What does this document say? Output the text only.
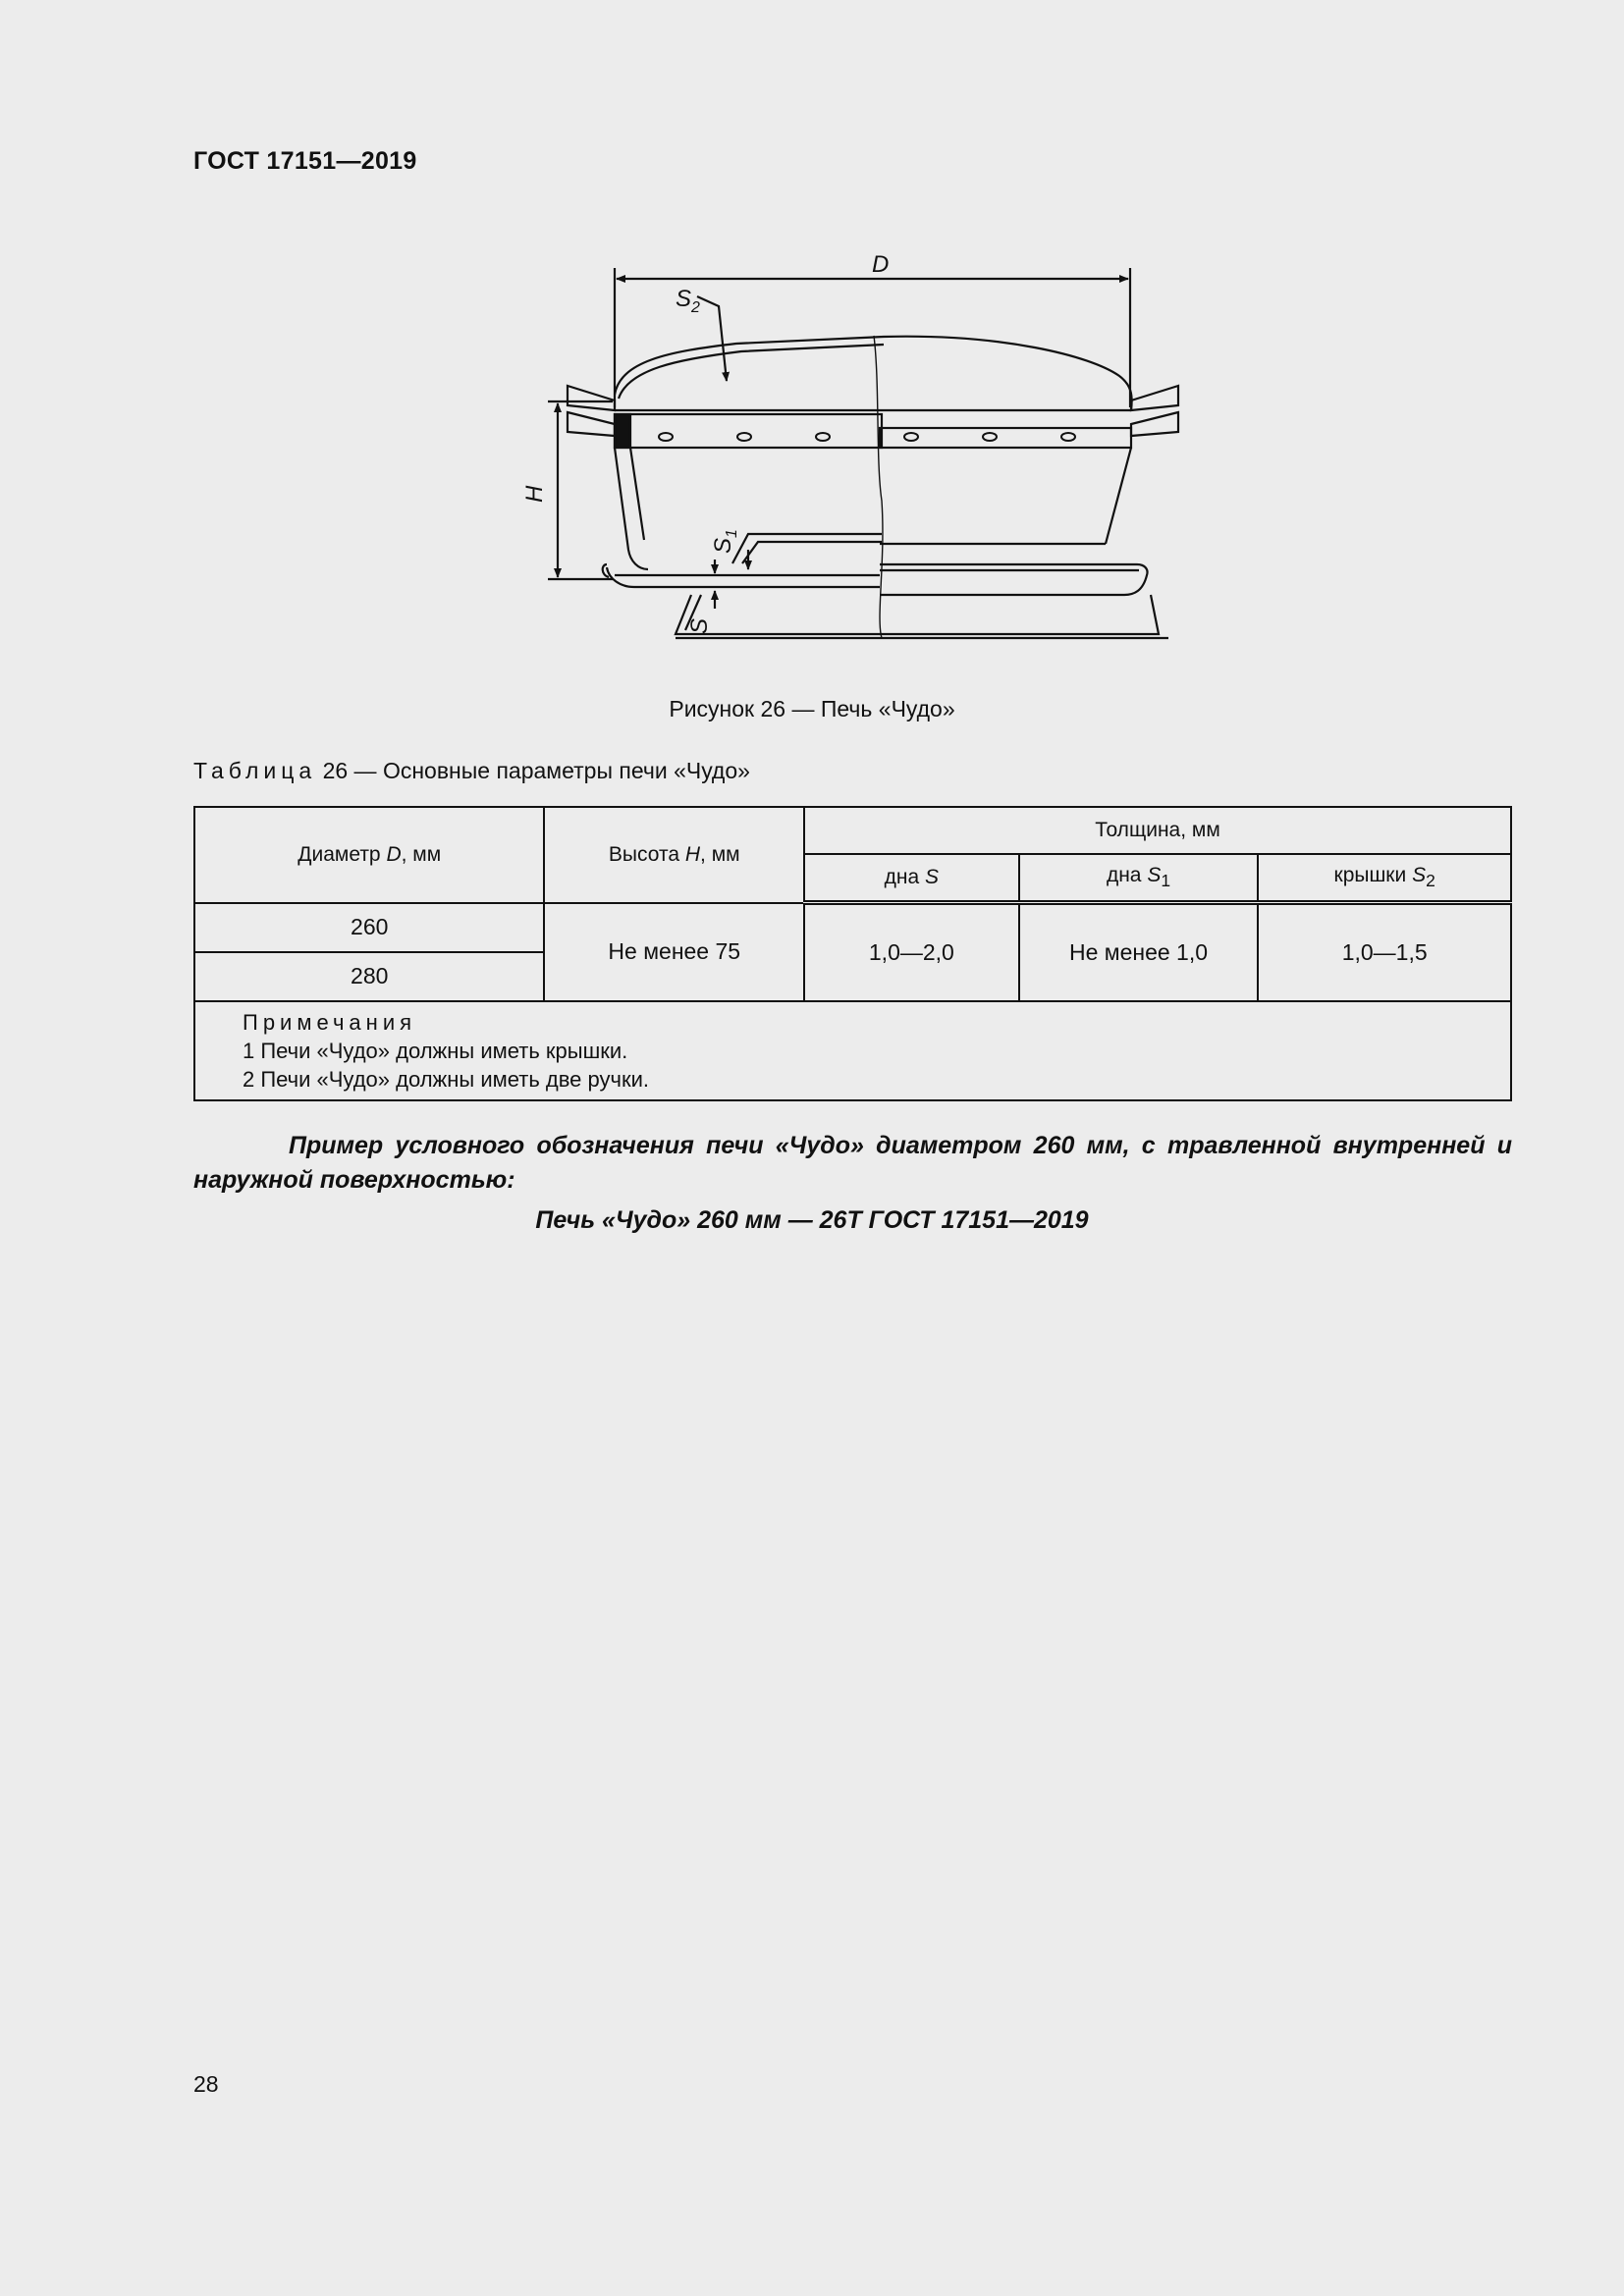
ГОСТ 17151—2019
D
$S_2$
H
$S_1$
S
Рисунок 26 — Печь «Чудо»
Таблица 26 — Основные параметры печи «Чудо»
Диаметр D, мм	Высота H, мм	Толщина, мм		
		дна S	дна $S_1$	крышки $S_2$
260	Не менее 75	1,0—2,0	Не менее 1,0	1,0—1,5
280				

Примечания
1 Печи «Чудо» должны иметь крышки.
2 Печи «Чудо» должны иметь две ручки.				
Пример условного обозначения печи «Чудо» диаметром 260 мм, с травленной внутренней и наружной поверхностью:
Печь «Чудо» 260 мм — 26Т ГОСТ 17151—2019
28
